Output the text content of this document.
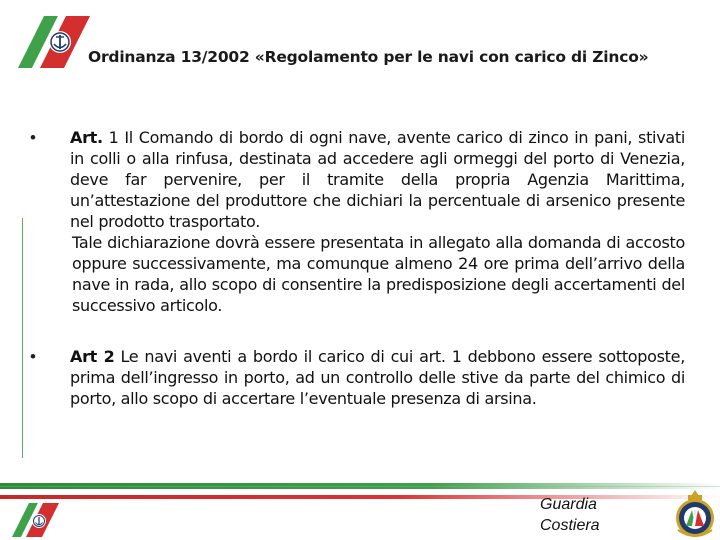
Ordinanza 13/2002 «Regolamento per le navi con carico di Zinco»
• Art. 1 Il Comando di bordo di ogni nave, avente carico di zinco in pani, stivati in colli o alla rinfusa, destinata ad accedere agli ormeggi del porto di Venezia, deve far pervenire, per il tramite della propria Agenzia Marittima, un’attestazione del produttore che dichiari la percentuale di arsenico presente nel prodotto trasportato.

Tale dichiarazione dovrà essere presentata in allegato alla domanda di accosto oppure successivamente, ma comunque almeno 24 ore prima dell’arrivo della nave in rada, allo scopo di consentire la predisposizione degli accertamenti del successivo articolo.

• Art 2 Le navi aventi a bordo il carico di cui art. 1 debbono essere sottoposte, prima dell’ingresso in porto, ad un controllo delle stive da parte del chimico di porto, allo scopo di accertare l’eventuale presenza di arsina.

Guardia
Costiera
